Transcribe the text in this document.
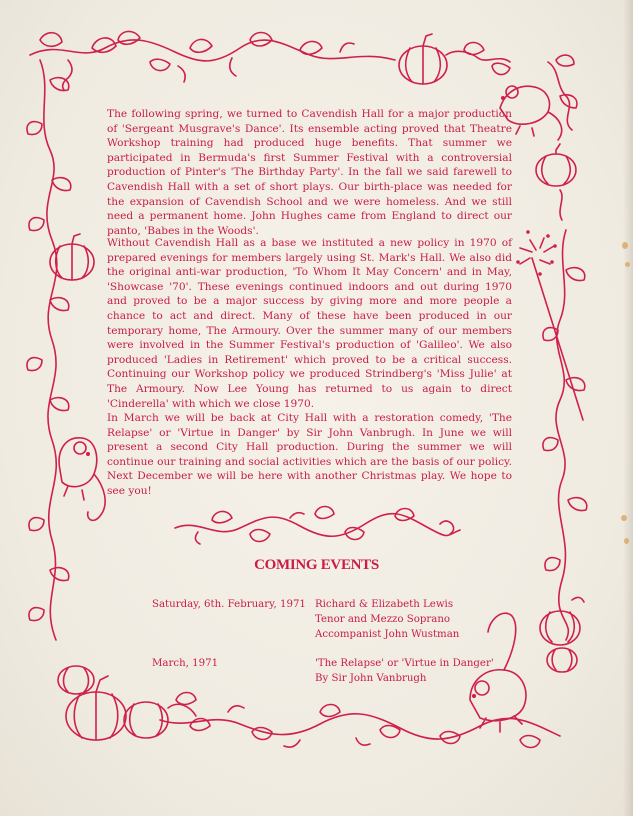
The following spring, we turned to Cavendish Hall for a major production of 'Sergeant Musgrave's Dance'. Its ensemble acting proved that Theatre Workshop training had produced huge benefits. That summer we participated in Bermuda's first Summer Festival with a controversial production of Pinter's 'The Birthday Party'. In the fall we said farewell to Cavendish Hall with a set of short plays. Our birth-place was needed for the expansion of Cavendish School and we were homeless. And we still need a permanent home. John Hughes came from England to direct our panto, 'Babes in the Woods'.
Without Cavendish Hall as a base we instituted a new policy in 1970 of prepared evenings for members largely using St. Mark's Hall. We also did the original anti-war production, 'To Whom It May Concern' and in May, 'Showcase '70'. These evenings continued indoors and out during 1970 and proved to be a major success by giving more and more people a chance to act and direct. Many of these have been produced in our temporary home, The Armoury. Over the summer many of our members were involved in the Summer Festival's production of 'Galileo'. We also produced 'Ladies in Retirement' which proved to be a critical success. Continuing our Workshop policy we produced Strindberg's 'Miss Julie' at The Armoury. Now Lee Young has returned to us again to direct 'Cinderella' with which we close 1970.
In March we will be back at City Hall with a restoration comedy, 'The Relapse' or 'Virtue in Danger' by Sir John Vanbrugh. In June we will present a second City Hall production. During the summer we will continue our training and social activities which are the basis of our policy. Next December we will be here with another Christmas play. We hope to see you!
COMING EVENTS
Saturday, 6th. February, 1971 Richard & Elizabeth Lewis
Tenor and Mezzo Soprano
Accompanist John Wustman
March, 1971	'The Relapse' or 'Virtue in Danger'
By Sir John Vanbrugh
